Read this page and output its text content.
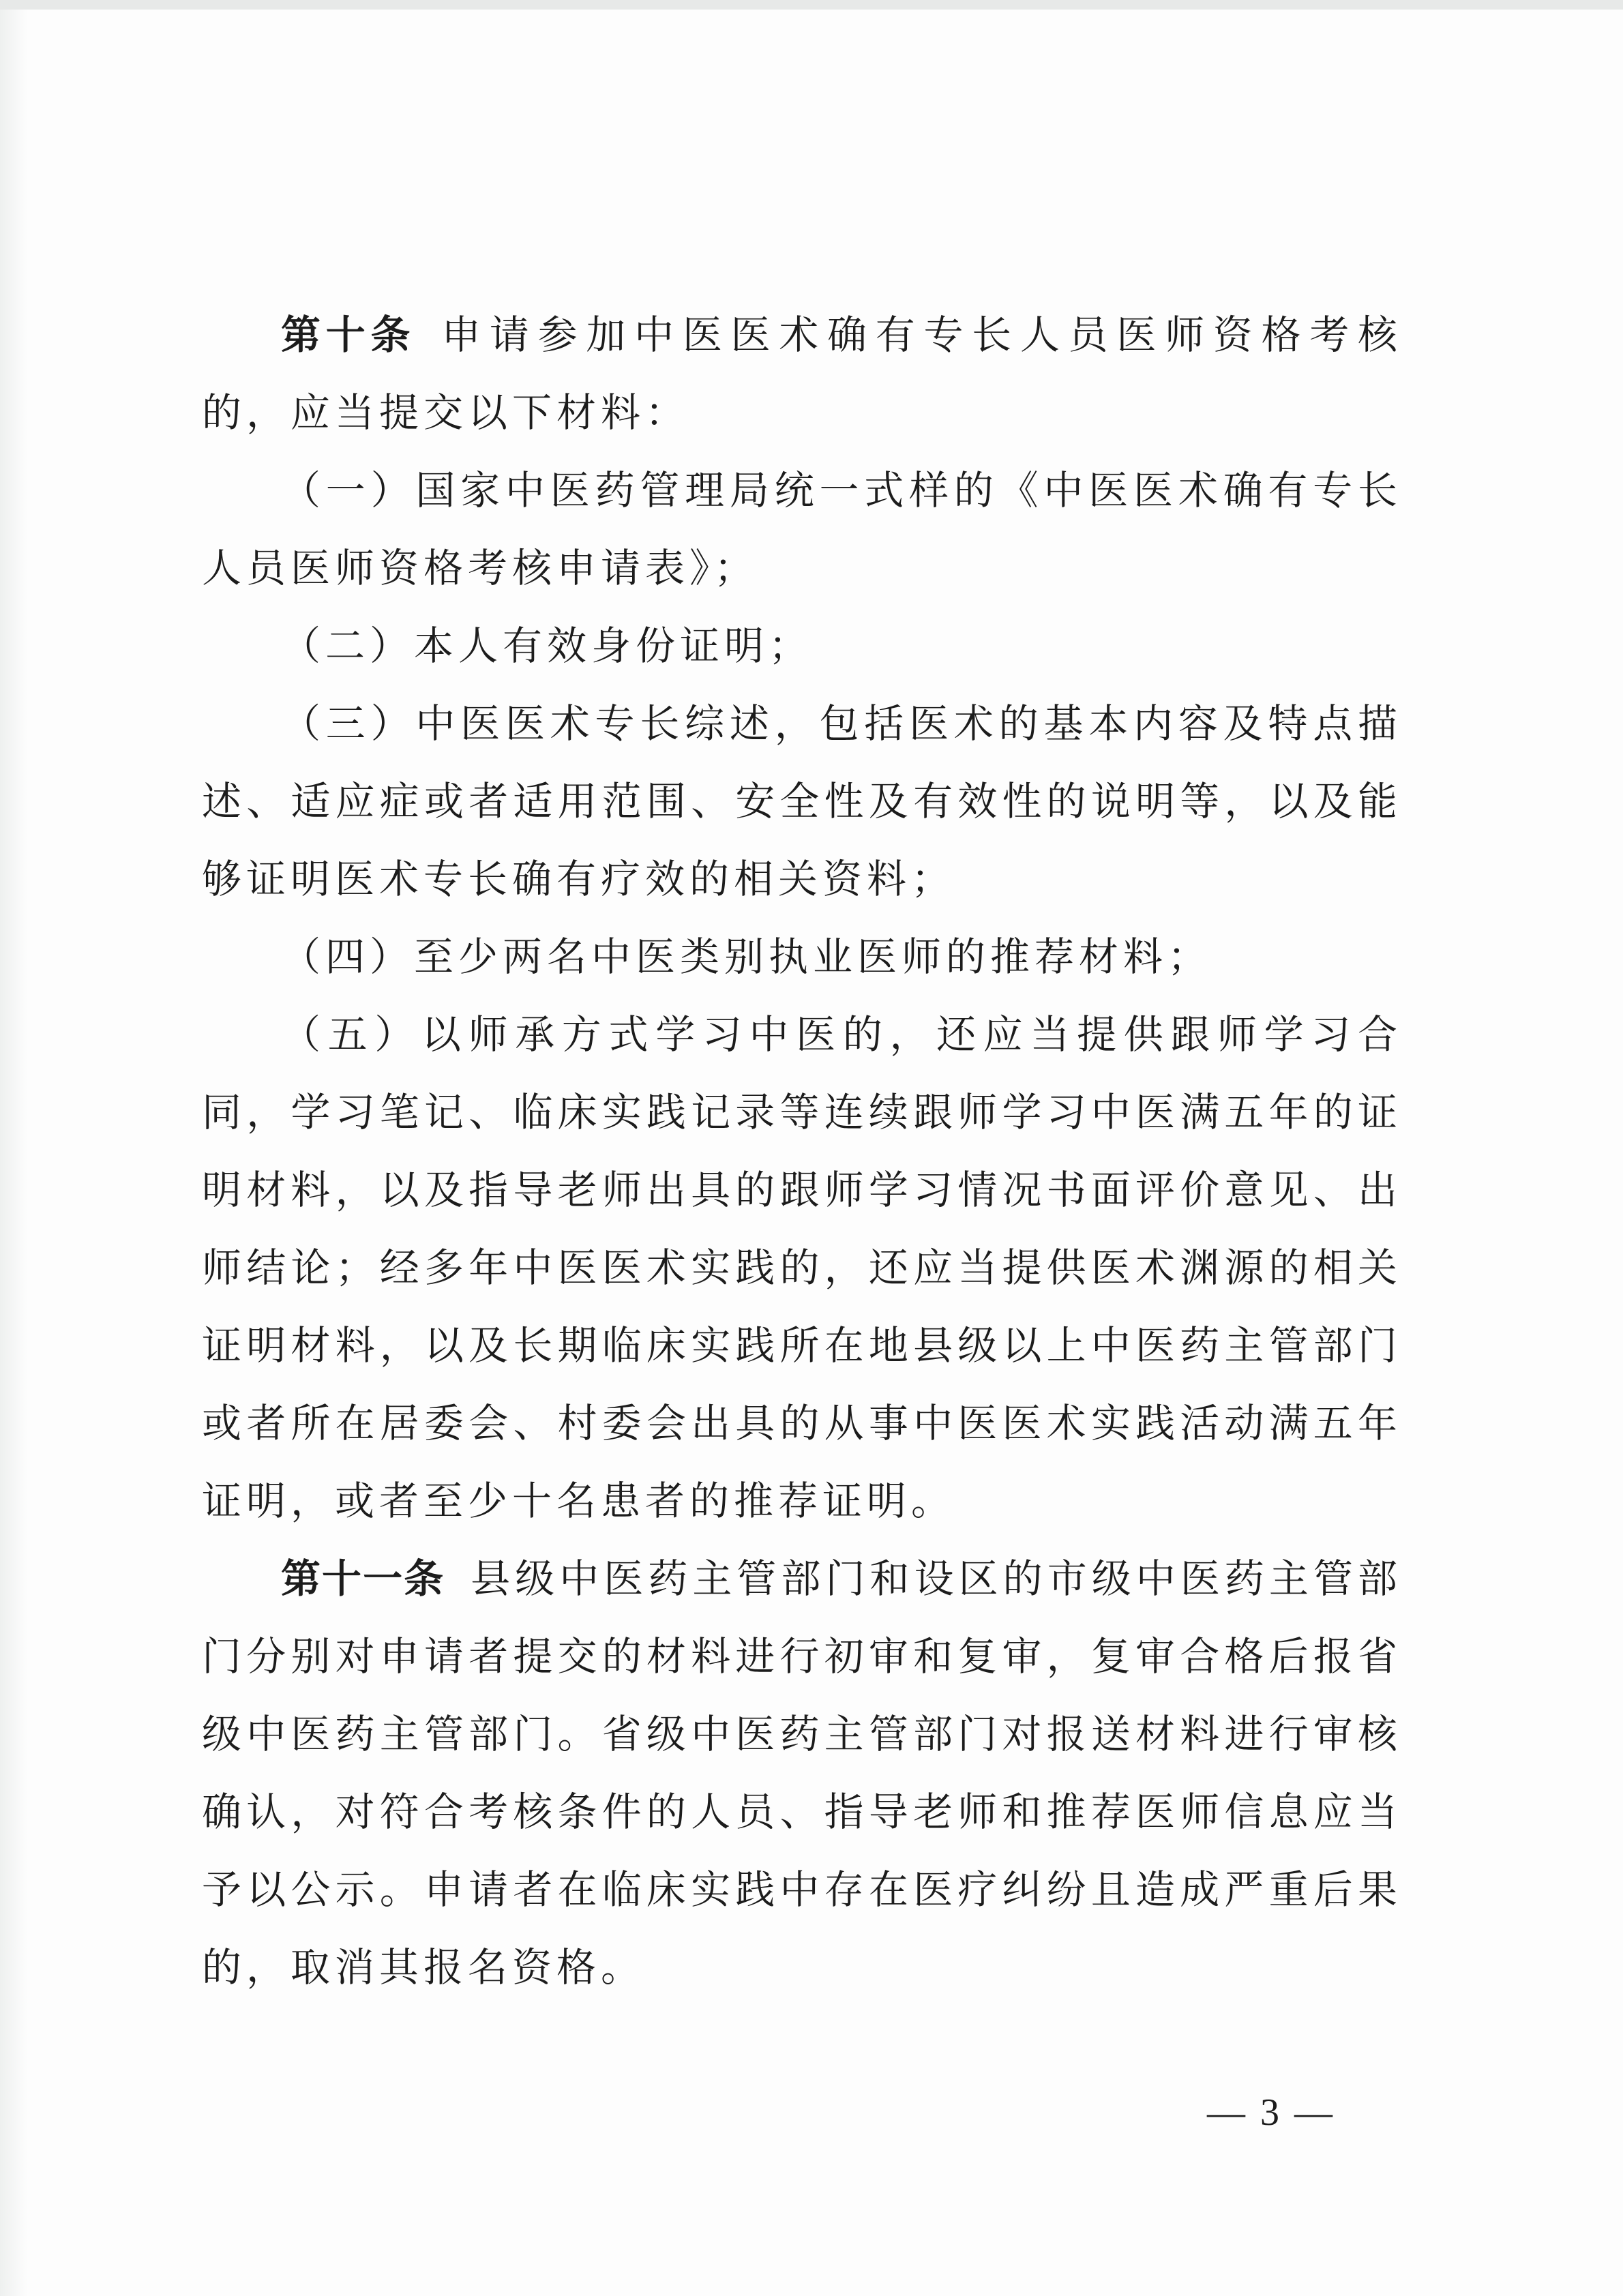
第十条 申请参加中医医术确有专长人员医师资格考核的，应当提交以下材料：

（一）国家中医药管理局统一式样的《中医医术确有专长人员医师资格考核申请表》；

（二）本人有效身份证明；

（三）中医医术专长综述，包括医术的基本内容及特点描述、适应症或者适用范围、安全性及有效性的说明等，以及能够证明医术专长确有疗效的相关资料；

（四）至少两名中医类别执业医师的推荐材料；

（五）以师承方式学习中医的，还应当提供跟师学习合同，学习笔记、临床实践记录等连续跟师学习中医满五年的证明材料，以及指导老师出具的跟师学习情况书面评价意见、出师结论；经多年中医医术实践的，还应当提供医术渊源的相关证明材料，以及长期临床实践所在地县级以上中医药主管部门或者所在居委会、村委会出具的从事中医医术实践活动满五年证明，或者至少十名患者的推荐证明。

第十一条 县级中医药主管部门和设区的市级中医药主管部门分别对申请者提交的材料进行初审和复审，复审合格后报省级中医药主管部门。省级中医药主管部门对报送材料进行审核确认，对符合考核条件的人员、指导老师和推荐医师信息应当予以公示。申请者在临床实践中存在医疗纠纷且造成严重后果的，取消其报名资格。

— 3 —
